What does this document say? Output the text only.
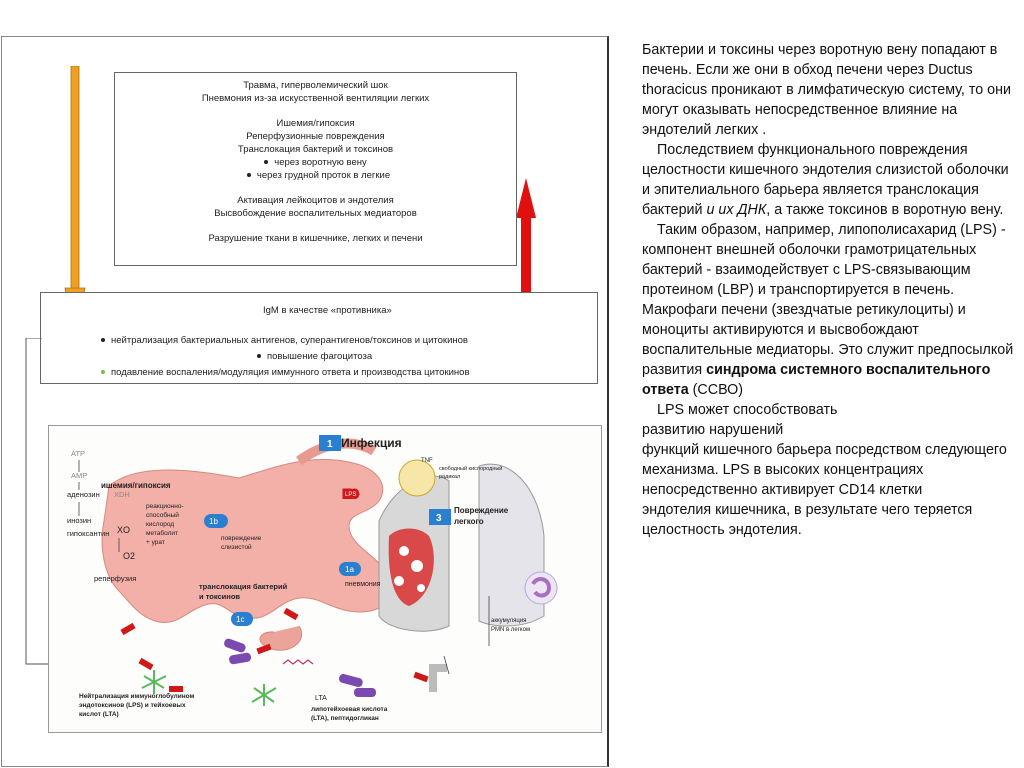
Травма, гиперволемический шок
Пневмония из-за искусственной вентиляции легких
Ишемия/гипоксия
Реперфузионные повреждения
Транслокация бактерий и токсинов
через воротную вену
через грудной проток в легкие
Активация лейкоцитов и эндотелия
Высвобождение воспалительных медиаторов
Разрушение ткани в кишечнике, легких и печени
IgM в качестве «противника»
нейтрализация бактериальных антигенов, суперантигенов/токсинов и цитокинов
повышение фагоцитоза
подавление воспаления/модуляция иммунного ответа и производства цитокинов
Инфекция
1
1b
1a
1c
3
ATP
AMP
аденозин XDH
ишемия/гипоксия
инозин
гипоксантин XO
O2
реперфузия
реакционно-
способный
кислород
метаболит
+ урат
повреждение
слизистой
транслокация бактерий
и токсинов
пневмония
Повреждение
легкого
свободный кислородный
радикал
TNF
аккумуляция
PMN в легком
LPS
LTA
Нейтрализация иммуноглобулином
эндотоксинов (LPS) и тейхоевых
кислот (LTA)
липотейхоевая кислота
(LTA), пептидогликан

Бактерии и токсины через воротную вену попадают в печень. Если же они в обход печени через Ductus thoracicus проникают в лимфатическую систему, то они могут оказывать непосредственное влияние на эндотелий легких .

Последствием функционального повреждения целостности кишечного эндотелия слизистой оболочки и эпителиального барьера является транслокация бактерий и их ДНК, а также токсинов в воротную вену.

Таким образом, например, липополисахарид (LPS) - компонент внешней оболочки грамотрицательных бактерий - взаимодействует с LPS-связывающим протеином (LBP) и транспортируется в печень. Макрофаги печени (звездчатые ретикулоциты) и моноциты активируются и высвобождают воспалительные медиаторы. Это служит предпосылкой развития синдрома системного воспалительного ответа (ССВО)

LPS может способствовать

развитию нарушений

функций кишечного барьера посредством следующего механизма. LPS в высоких концентрациях непосредственно активирует CD14 клетки

эндотелия кишечника, в результате чего теряется целостность эндотелия.
